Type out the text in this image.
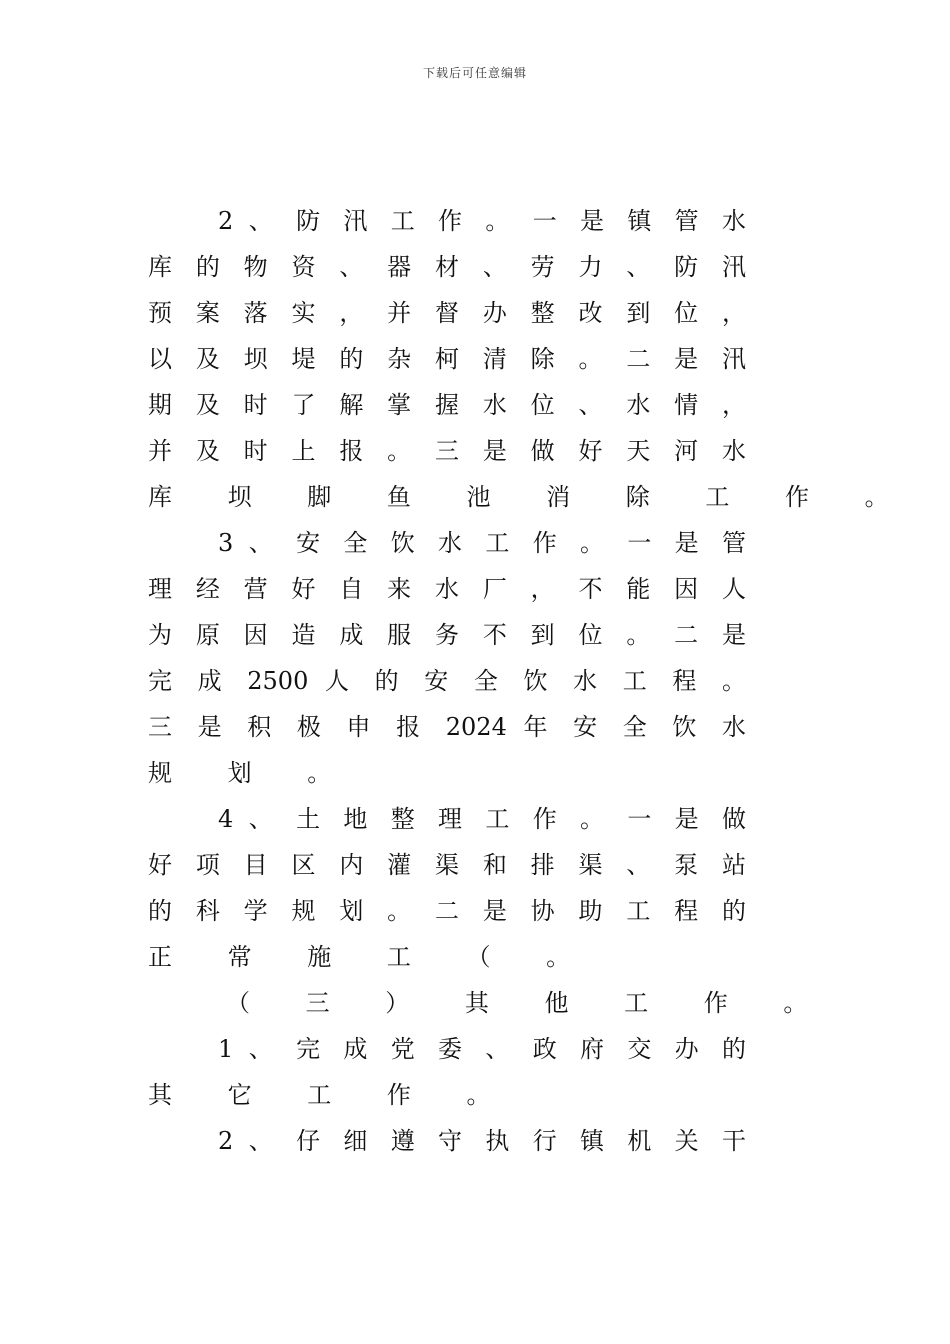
下载后可任意编辑
2 、 防 汛 工 作 。 一 是 镇 管 水
库 的 物 资 、 器 材 、 劳 力 、 防 汛
预 案 落 实 ， 并 督 办 整 改 到 位 ，
以 及 坝 堤 的 杂 柯 清 除 。 二 是 汛
期 及 时 了 解 掌 握 水 位 、 水 情 ，
并 及 时 上 报 。 三 是 做 好 天 河 水
库 坝 脚 鱼 池 消 除 工 作 。
3 、 安 全 饮 水 工 作 。 一 是 管
理 经 营 好 自 来 水 厂 ， 不 能 因 人
为 原 因 造 成 服 务 不 到 位 。 二 是
完 成 2500 人 的 安 全 饮 水 工 程 。
三 是 积 极 申 报 2024 年 安 全 饮 水
规 划 。
4 、 土 地 整 理 工 作 。 一 是 做
好 项 目 区 内 灌 渠 和 排 渠 、 泵 站
的 科 学 规 划 。 二 是 协 助 工 程 的
正 常 施 工 （ 。
（ 三 ） 其 他 工 作 。
1 、 完 成 党 委 、 政 府 交 办 的
其 它 工 作 。
2 、 仔 细 遵 守 执 行 镇 机 关 干
